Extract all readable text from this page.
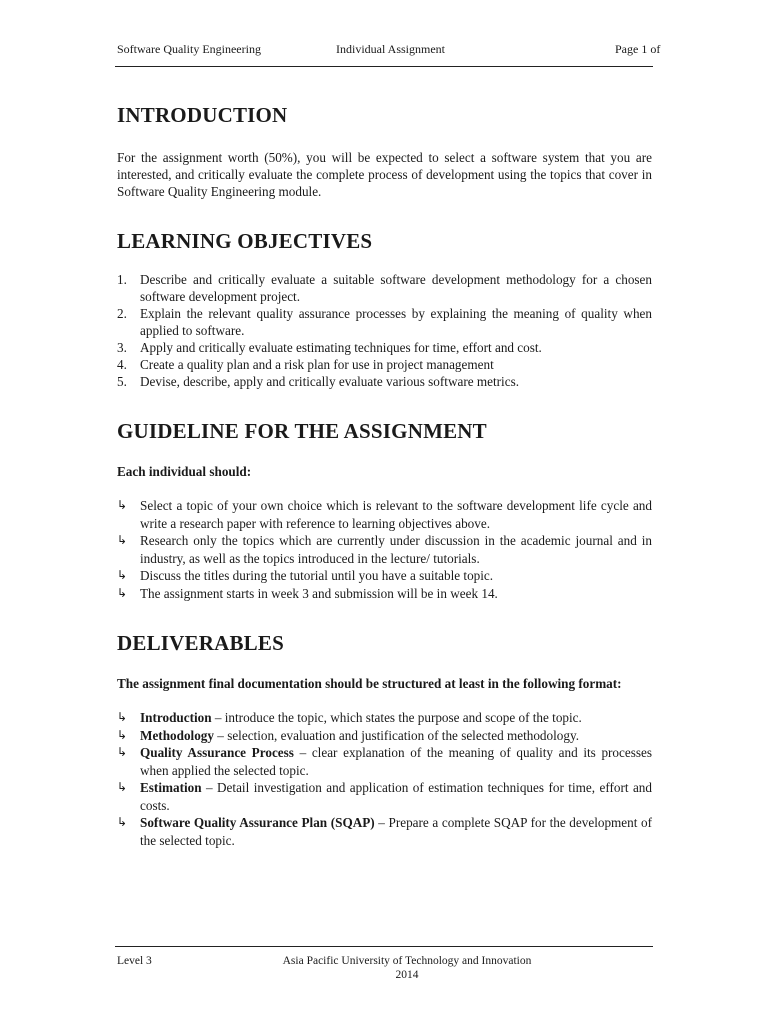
Software Quality Engineering	Individual Assignment	Page 1 of
INTRODUCTION

For the assignment worth (50%), you will be expected to select a software system that you are interested, and critically evaluate the complete process of development using the topics that cover in Software Quality Engineering module.

LEARNING OBJECTIVES
1. Describe and critically evaluate a suitable software development methodology for a chosen software development project.
2. Explain the relevant quality assurance processes by explaining the meaning of quality when applied to software.
3. Apply and critically evaluate estimating techniques for time, effort and cost.
4. Create a quality plan and a risk plan for use in project management
5. Devise, describe, apply and critically evaluate various software metrics.
GUIDELINE FOR THE ASSIGNMENT

Each individual should:

↳ Select a topic of your own choice which is relevant to the software development life cycle and write a research paper with reference to learning objectives above.
↳ Research only the topics which are currently under discussion in the academic journal and in industry, as well as the topics introduced in the lecture/ tutorials.
↳ Discuss the titles during the tutorial until you have a suitable topic.
↳ The assignment starts in week 3 and submission will be in week 14.
DELIVERABLES

The assignment final documentation should be structured at least in the following format:

↳ Introduction – introduce the topic, which states the purpose and scope of the topic.
↳ Methodology – selection, evaluation and justification of the selected methodology.
↳ Quality Assurance Process – clear explanation of the meaning of quality and its processes when applied the selected topic.
↳ Estimation – Detail investigation and application of estimation techniques for time, effort and costs.
↳ Software Quality Assurance Plan (SQAP) – Prepare a complete SQAP for the development of the selected topic.
Level 3	Asia Pacific University of Technology and Innovation
2014
